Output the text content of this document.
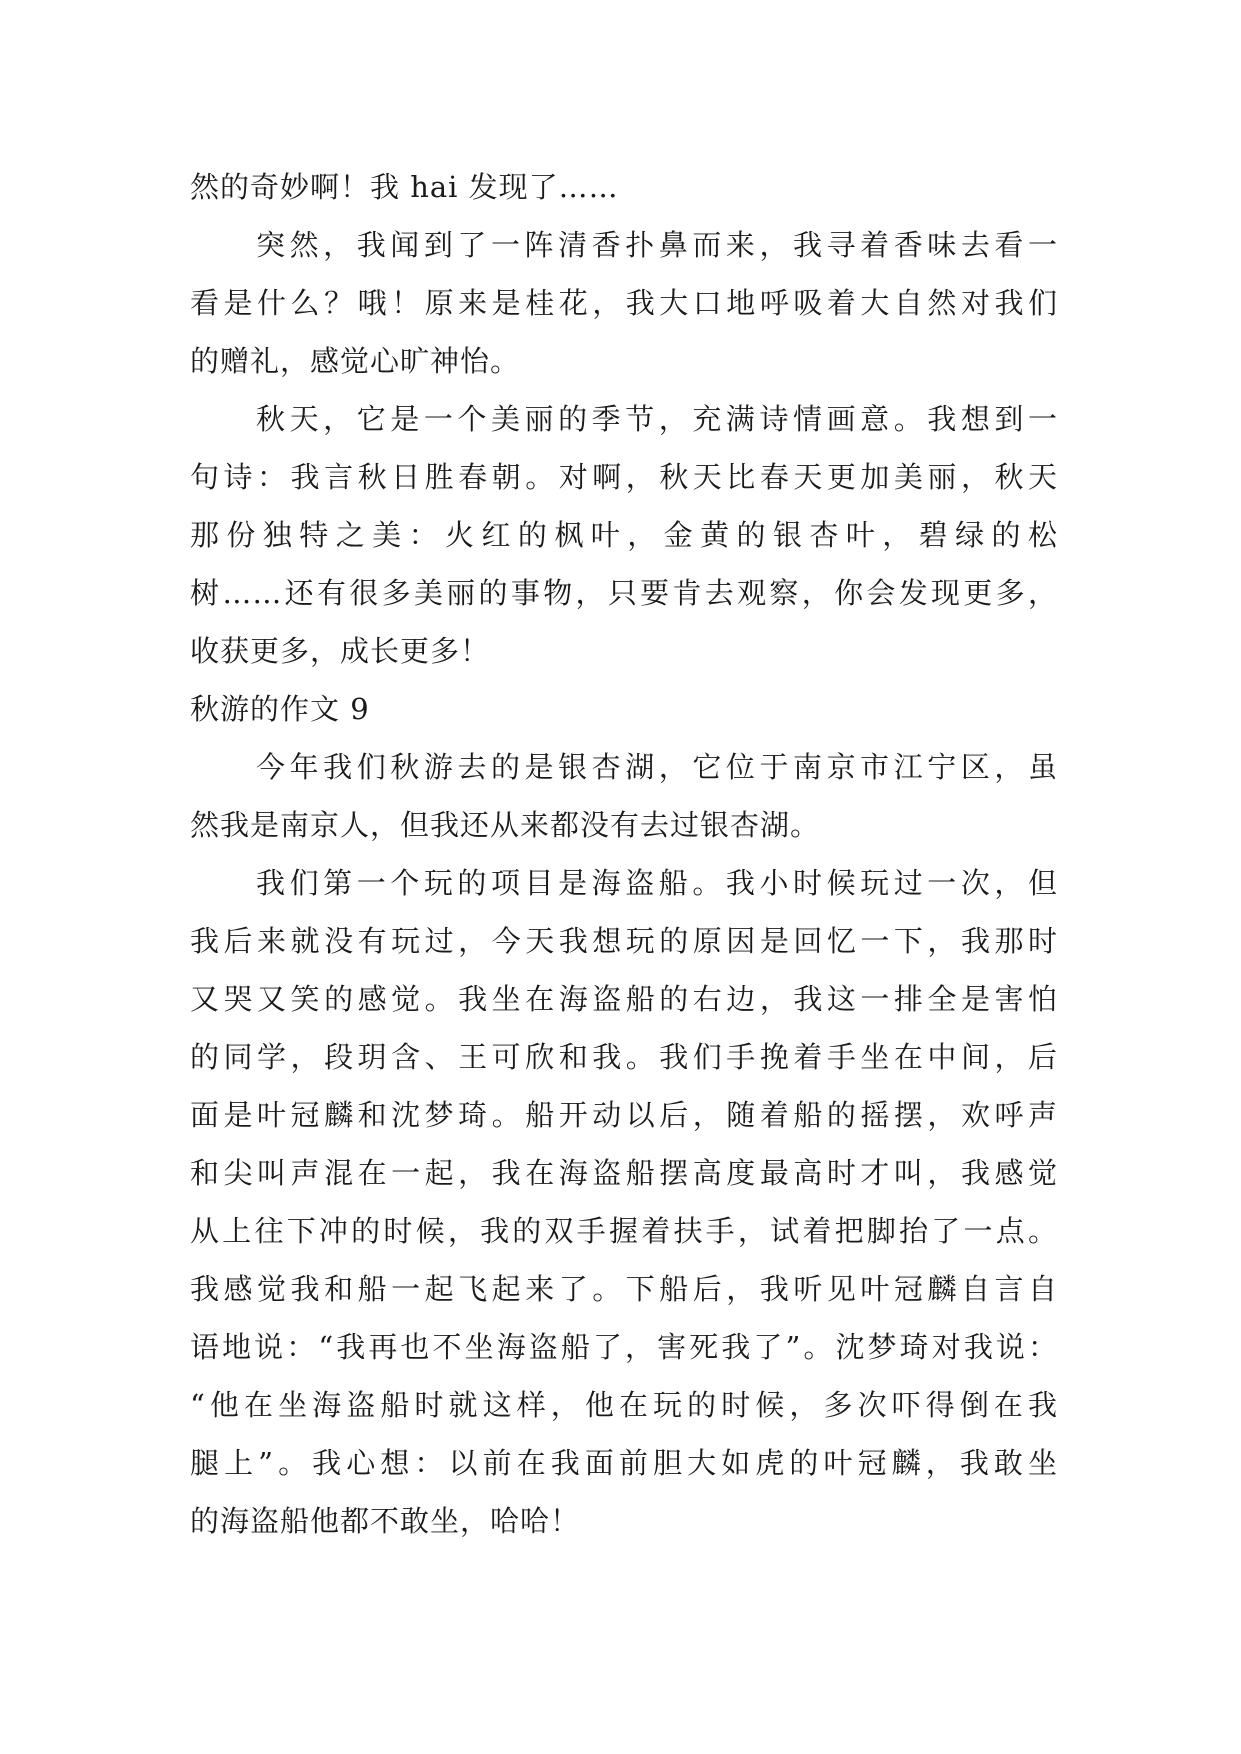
然的奇妙啊！我 hai 发现了……
突然，我闻到了一阵清香扑鼻而来，我寻着香味去看一
看是什么？哦！原来是桂花，我大口地呼吸着大自然对我们
的赠礼，感觉心旷神怡。
秋天，它是一个美丽的季节，充满诗情画意。我想到一
句诗：我言秋日胜春朝。对啊，秋天比春天更加美丽，秋天
那份独特之美：火红的枫叶，金黄的银杏叶，碧绿的松
树……还有很多美丽的事物，只要肯去观察，你会发现更多，
收获更多，成长更多！
秋游的作文 9
今年我们秋游去的是银杏湖，它位于南京市江宁区，虽
然我是南京人，但我还从来都没有去过银杏湖。
我们第一个玩的项目是海盗船。我小时候玩过一次，但
我后来就没有玩过，今天我想玩的原因是回忆一下，我那时
又哭又笑的感觉。我坐在海盗船的右边，我这一排全是害怕
的同学，段玥含、王可欣和我。我们手挽着手坐在中间，后
面是叶冠麟和沈梦琦。船开动以后，随着船的摇摆，欢呼声
和尖叫声混在一起，我在海盗船摆高度最高时才叫，我感觉
从上往下冲的时候，我的双手握着扶手，试着把脚抬了一点。
我感觉我和船一起飞起来了。下船后，我听见叶冠麟自言自
语地说：“我再也不坐海盗船了，害死我了”。沈梦琦对我说：
“他在坐海盗船时就这样，他在玩的时候，多次吓得倒在我
腿上”。我心想：以前在我面前胆大如虎的叶冠麟，我敢坐
的海盗船他都不敢坐，哈哈！
